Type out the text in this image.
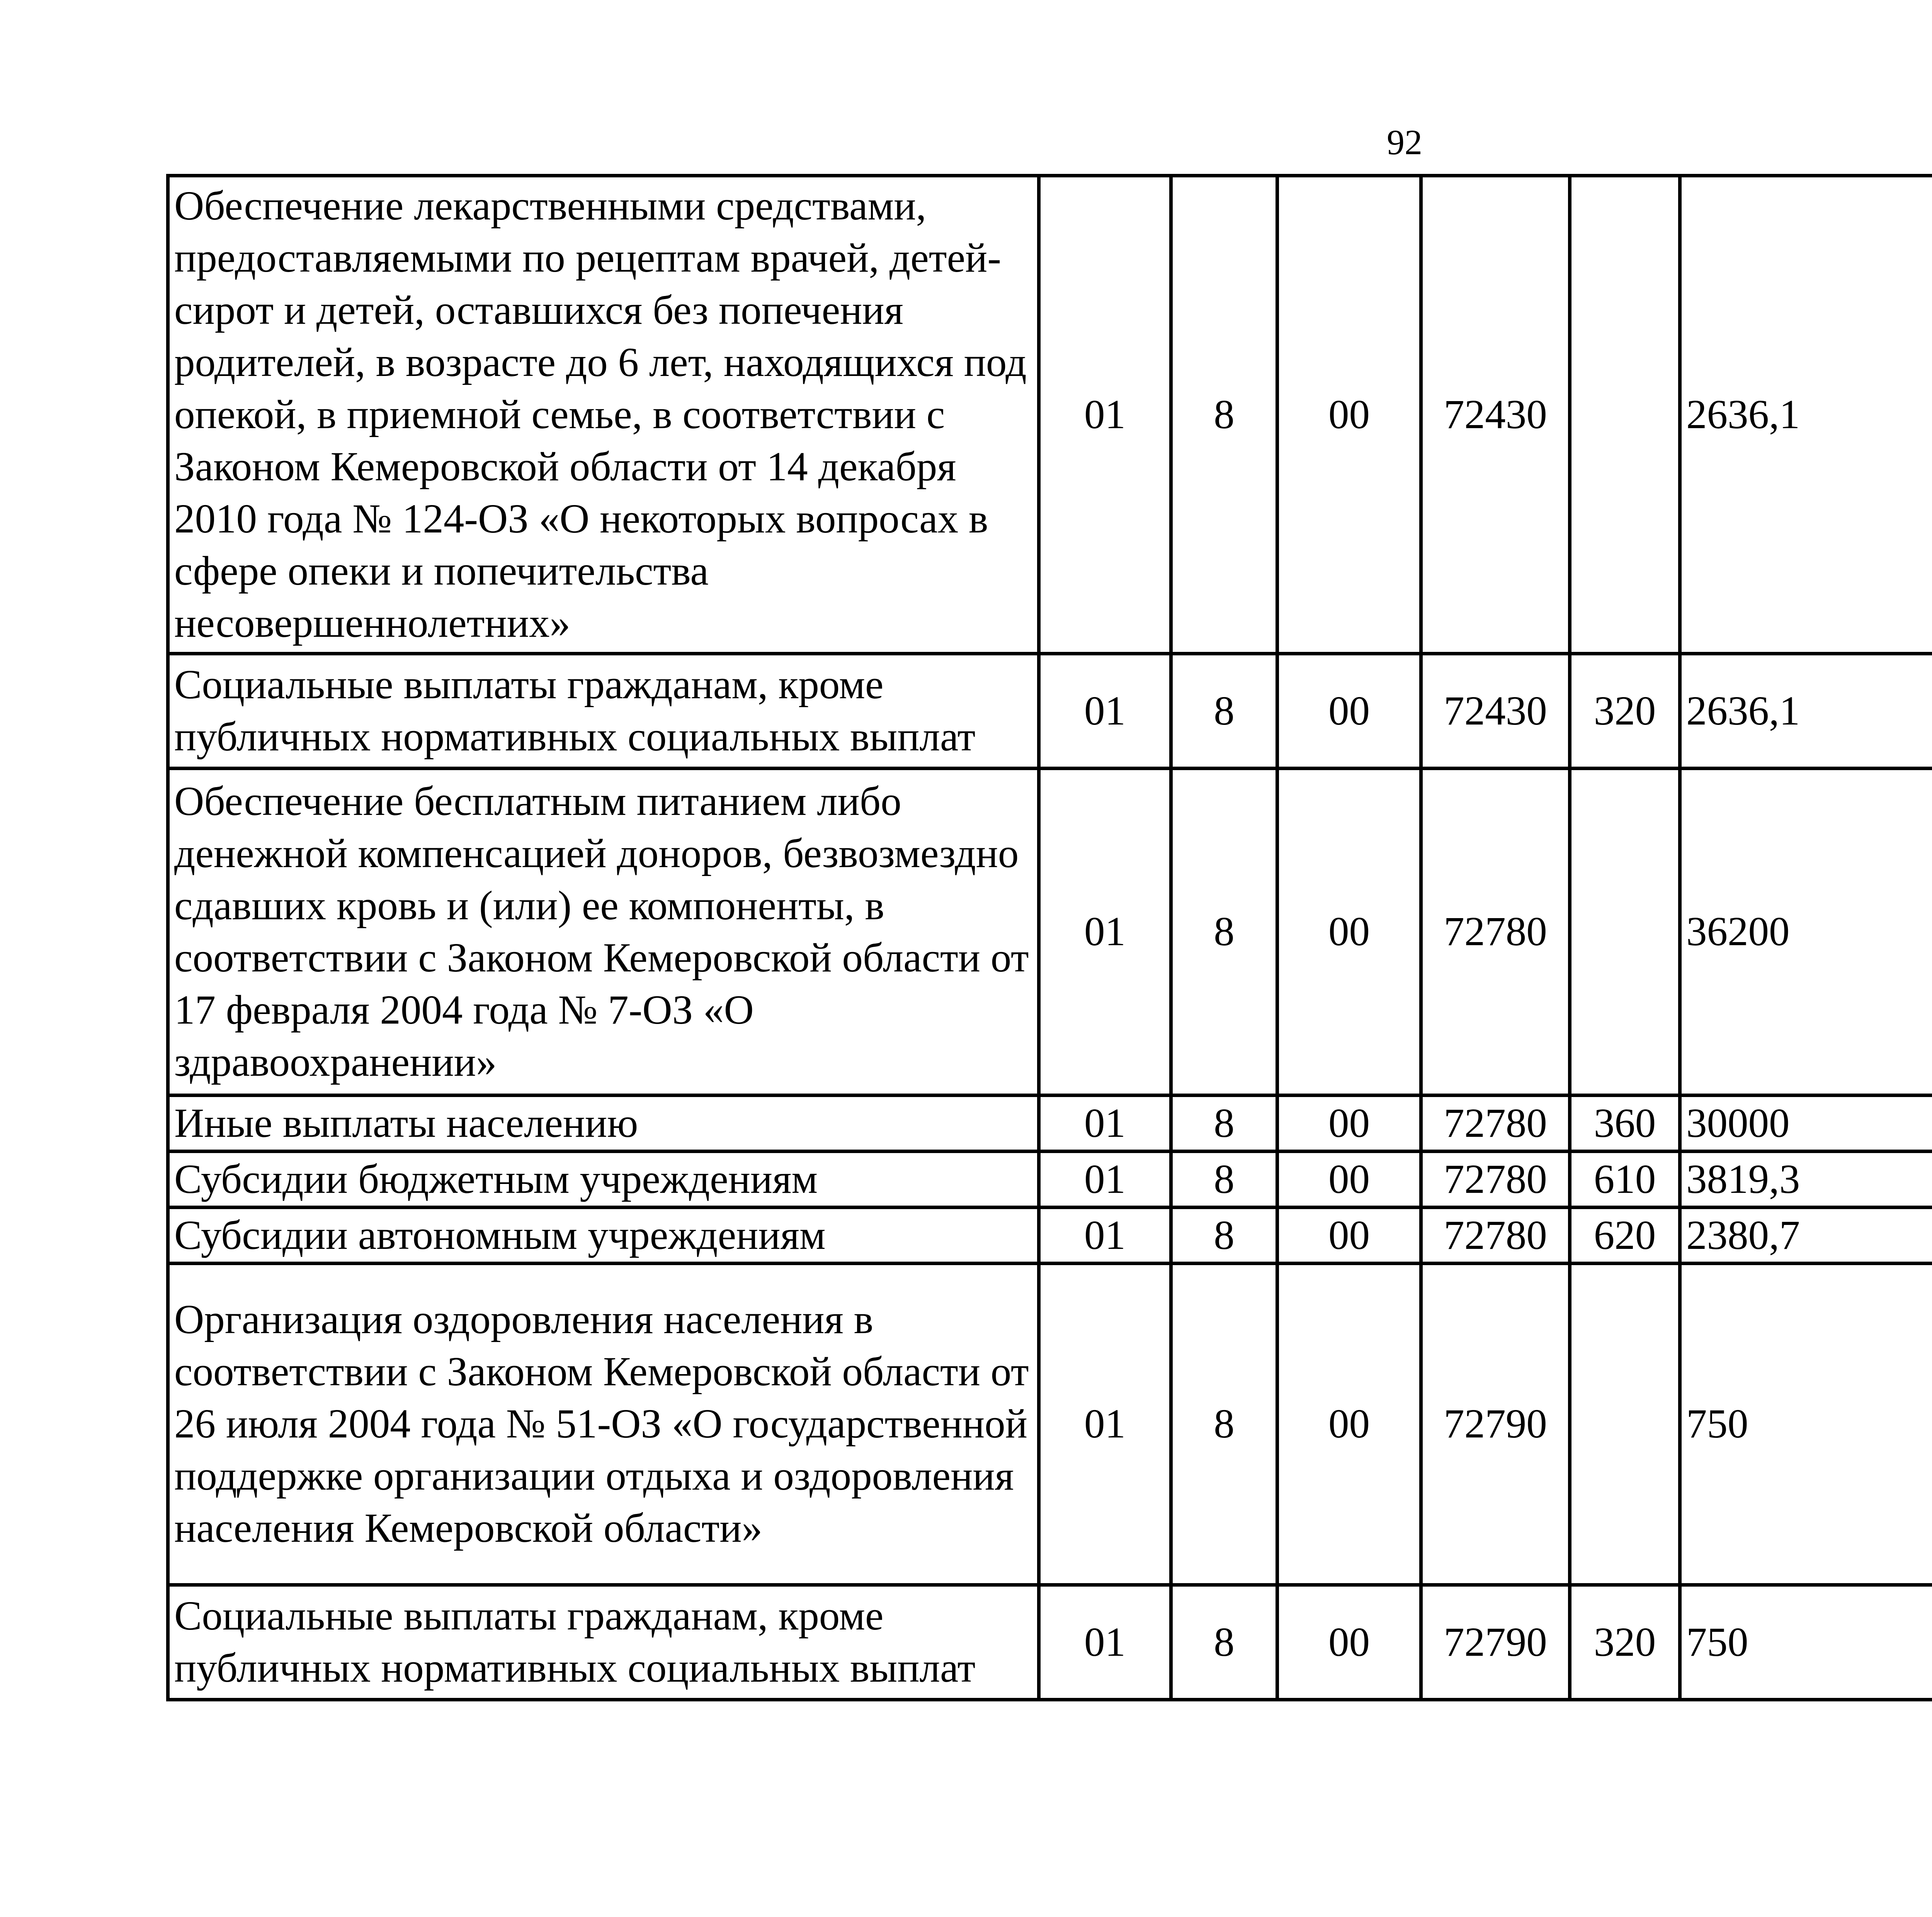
92
Обеспечение лекарственными средствами, предоставляемыми по рецептам врачей, детей-сирот и детей, оставшихся без попечения родителей, в возрасте до 6 лет, находящихся под опекой, в приемной семье, в соответствии с Законом Кемеровской области от 14 декабря 2010 года № 124-ОЗ «О некоторых вопросах в сфере опеки и попечительства несовершеннолетних»	01	8	00	72430		2636,1		
Социальные выплаты гражданам, кроме публичных нормативных социальных выплат	01	8	00	72430	320	2636,1		
Обеспечение бесплатным питанием либо денежной компенсацией доноров, безвозмездно сдавших кровь и (или) ее компоненты, в соответствии с Законом Кемеровской области от 17 февраля 2004 года № 7-ОЗ «О здравоохранении»	01	8	00	72780		36200		
Иные выплаты населению	01	8	00	72780	360	30000		
Субсидии бюджетным учреждениям	01	8	00	72780	610	3819,3		
Субсидии автономным учреждениям	01	8	00	72780	620	2380,7		
Организация оздоровления населения в соответствии с Законом Кемеровской области от 26 июля 2004 года № 51-ОЗ «О государственной поддержке организации отдыха и оздоровления населения Кемеровской области»	01	8	00	72790		750		
Социальные выплаты гражданам, кроме публичных нормативных социальных выплат	01	8	00	72790	320	750		
